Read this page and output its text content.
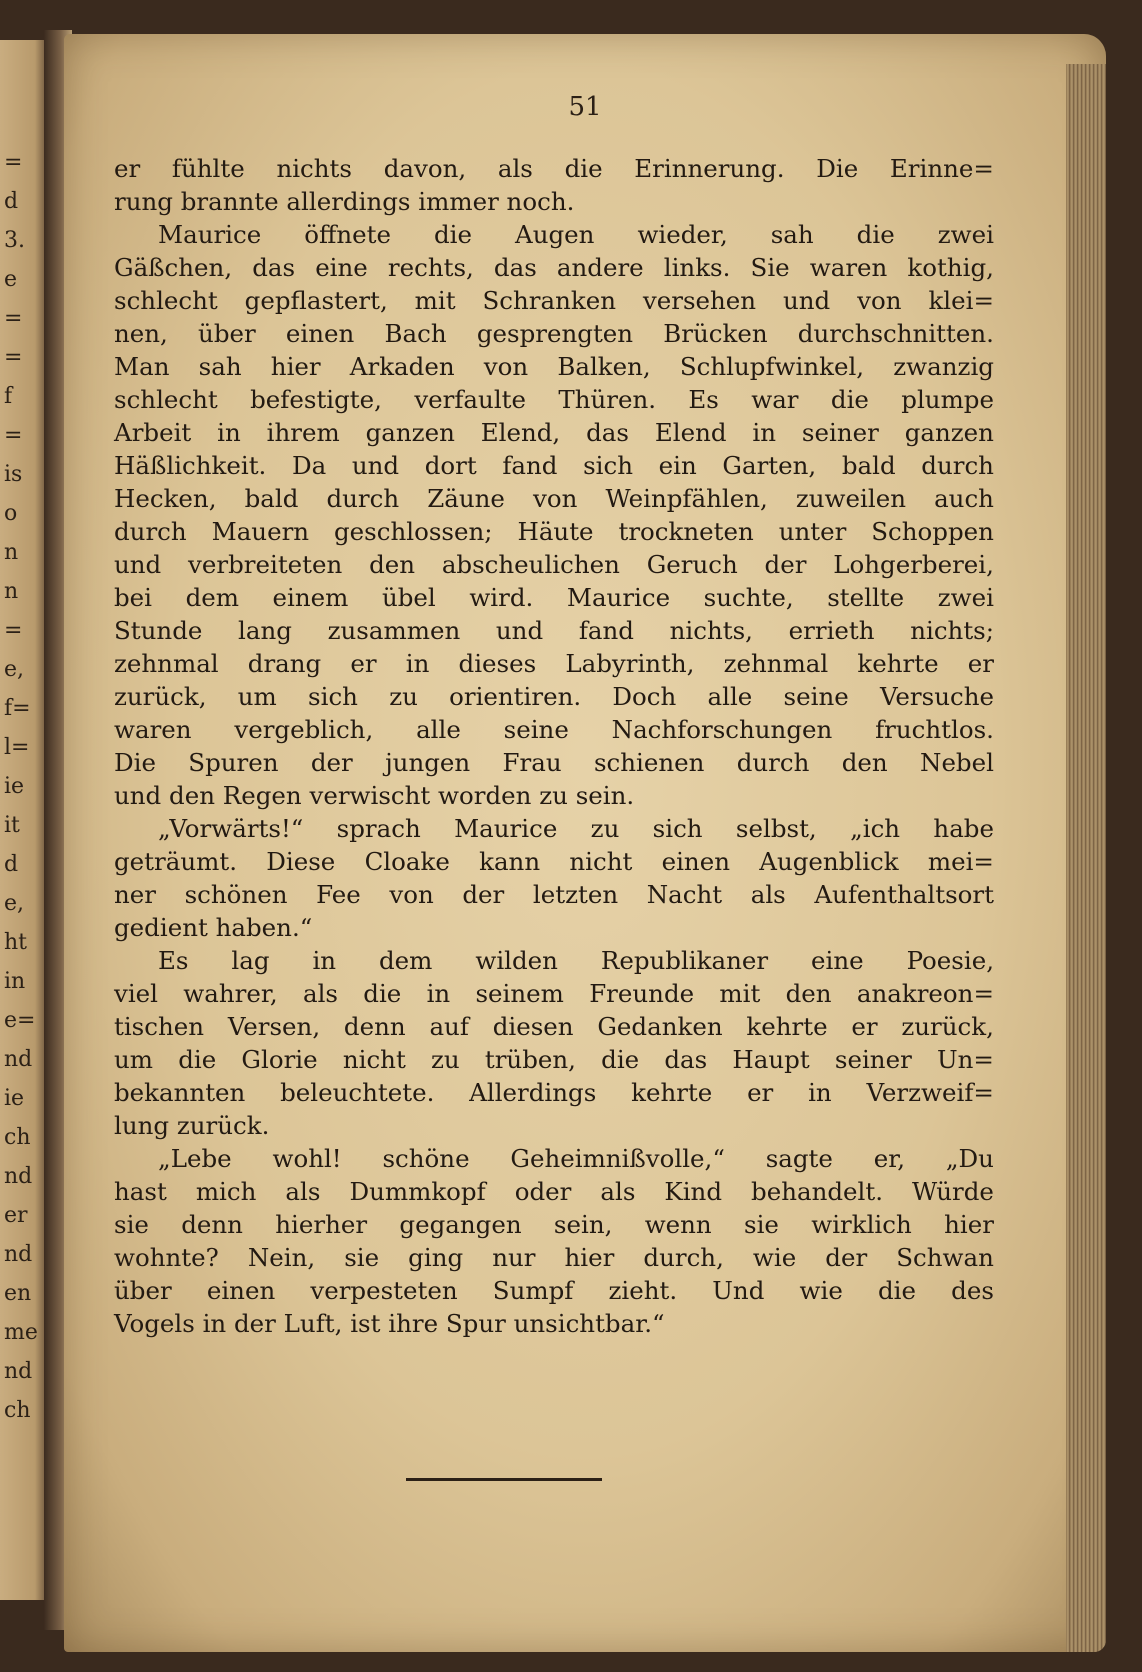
=
d
3.
e
=
=
f
=
is
o
n
n
=
e,
f=
l=
ie
it
d
e,
ht
in
e=
nd
ie
ch
nd
er
nd
en
me
nd
ch
51
er fühlte nichts davon, als die Erinnerung. Die Erinne=
rung brannte allerdings immer noch.
Maurice öffnete die Augen wieder, sah die zwei
Gäßchen, das eine rechts, das andere links. Sie waren kothig,
schlecht gepflastert, mit Schranken versehen und von klei=
nen, über einen Bach gesprengten Brücken durchschnitten.
Man sah hier Arkaden von Balken, Schlupfwinkel, zwanzig
schlecht befestigte, verfaulte Thüren. Es war die plumpe
Arbeit in ihrem ganzen Elend, das Elend in seiner ganzen
Häßlichkeit. Da und dort fand sich ein Garten, bald durch
Hecken, bald durch Zäune von Weinpfählen, zuweilen auch
durch Mauern geschlossen; Häute trockneten unter Schoppen
und verbreiteten den abscheulichen Geruch der Lohgerberei,
bei dem einem übel wird. Maurice suchte, stellte zwei
Stunde lang zusammen und fand nichts, errieth nichts;
zehnmal drang er in dieses Labyrinth, zehnmal kehrte er
zurück, um sich zu orientiren. Doch alle seine Versuche
waren vergeblich, alle seine Nachforschungen fruchtlos.
Die Spuren der jungen Frau schienen durch den Nebel
und den Regen verwischt worden zu sein.
„Vorwärts!“ sprach Maurice zu sich selbst, „ich habe
geträumt. Diese Cloake kann nicht einen Augenblick mei=
ner schönen Fee von der letzten Nacht als Aufenthaltsort
gedient haben.“
Es lag in dem wilden Republikaner eine Poesie,
viel wahrer, als die in seinem Freunde mit den anakreon=
tischen Versen, denn auf diesen Gedanken kehrte er zurück,
um die Glorie nicht zu trüben, die das Haupt seiner Un=
bekannten beleuchtete. Allerdings kehrte er in Verzweif=
lung zurück.
„Lebe wohl! schöne Geheimnißvolle,“ sagte er, „Du
hast mich als Dummkopf oder als Kind behandelt. Würde
sie denn hierher gegangen sein, wenn sie wirklich hier
wohnte? Nein, sie ging nur hier durch, wie der Schwan
über einen verpesteten Sumpf zieht. Und wie die des
Vogels in der Luft, ist ihre Spur unsichtbar.“
